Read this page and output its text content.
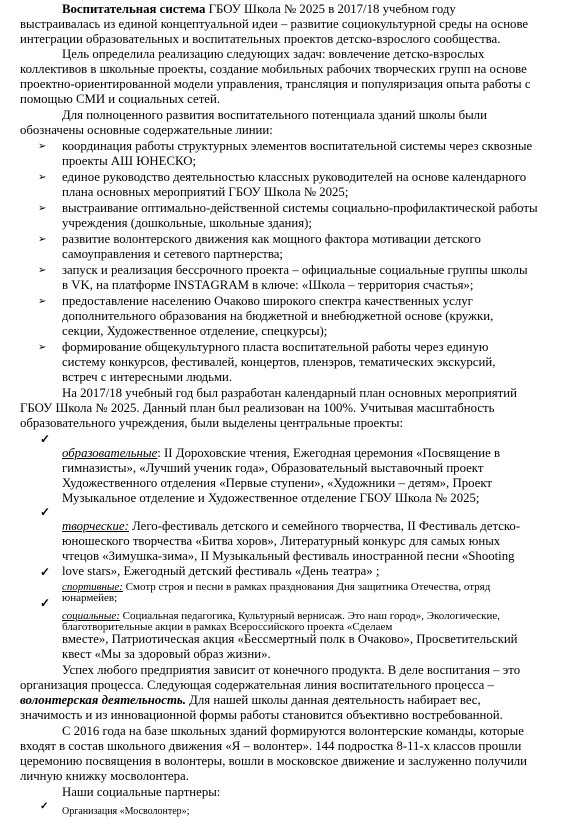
Воспитательная система ГБОУ Школа № 2025 в 2017/18 учебном году
выстраивалась из единой концептуальной идеи – развитие социокультурной среды на основе
интеграции образовательных и воспитательных проектов детско-взрослого сообщества.
Цель определила реализацию следующих задач: вовлечение детско-взрослых
коллективов в школьные проекты, создание мобильных рабочих творческих групп на основе
проектно-ориентированной модели управления, трансляция и популяризация опыта работы с
помощью СМИ и социальных сетей.
Для полноценного развития воспитательного потенциала зданий школы были
обозначены основные содержательные линии:
➢ координация работы структурных элементов воспитательной системы через сквозные
проекты АШ ЮНЕСКО;
➢ единое руководство деятельностью классных руководителей на основе календарного
плана основных мероприятий ГБОУ Школа № 2025;
➢ выстраивание оптимально-действенной системы социально-профилактической работы
учреждения (дошкольные, школьные здания);
➢ развитие волонтерского движения как мощного фактора мотивации детского
самоуправления и сетевого партнерства;
➢ запуск и реализация бессрочного проекта – официальные социальные группы школы
в VK, на платформе INSTAGRAM в ключе: «Школа – территория счастья»;
➢ предоставление населению Очаково широкого спектра качественных услуг
дополнительного образования на бюджетной и внебюджетной основе (кружки,
секции, Художественное отделение, спецкурсы);
➢ формирование общекультурного пласта воспитательной работы через единую
систему конкурсов, фестивалей, концертов, пленэров, тематических экскурсий,
встреч с интересными людьми.
На 2017/18 учебный год был разработан календарный план основных мероприятий
ГБОУ Школа № 2025. Данный план был реализован на 100%. Учитывая масштабность
образовательного учреждения, были выделены центральные проекты:
✓
образовательные: II Дороховские чтения, Ежегодная церемония «Посвящение в
гимназисты», «Лучший ученик года», Образовательный выставочный проект
Художественного отделения «Первые ступени», «Художники – детям», Проект
Музыкальное отделение и Художественное отделение ГБОУ Школа № 2025;
✓
творческие: Лего-фестиваль детского и семейного творчества, II Фестиваль детско-
юношеского творчества «Битва хоров», Литературный конкурс для самых юных
чтецов «Зимушка-зима», II Музыкальный фестиваль иностранной песни «Shooting
love stars», Ежегодный детский фестиваль «День театра» ;
✓
спортивные: Смотр строя и песни в рамках празднования Дня защитника Отечества, отряд
юнармейев;
✓
социальные: Социальная педагогика, Культурный вернисаж. Это наш город», Экологические,
благотворительные акции в рамках Всероссийского проекта «Сделаем
вместе», Патриотическая акция «Бессмертный полк в Очаково», Просветительский
квест «Мы за здоровый образ жизни».
Успех любого предприятия зависит от конечного продукта. В деле воспитания – это
организация процесса. Следующая содержательная линия воспитательного процесса –
волонтерская деятельность. Для нашей школы данная деятельность набирает вес,
значимость и из инновационной формы работы становится объективно востребованной.
С 2016 года на базе школьных зданий формируются волонтерские команды, которые
входят в состав школьного движения «Я – волонтер». 144 подростка 8-11-х классов прошли
церемонию посвящения в волонтеры, вошли в московское движение и заслуженно получили
личную книжку мосволонтера.
Наши социальные партнеры:
✓ Организация «Мосволонтер»;
